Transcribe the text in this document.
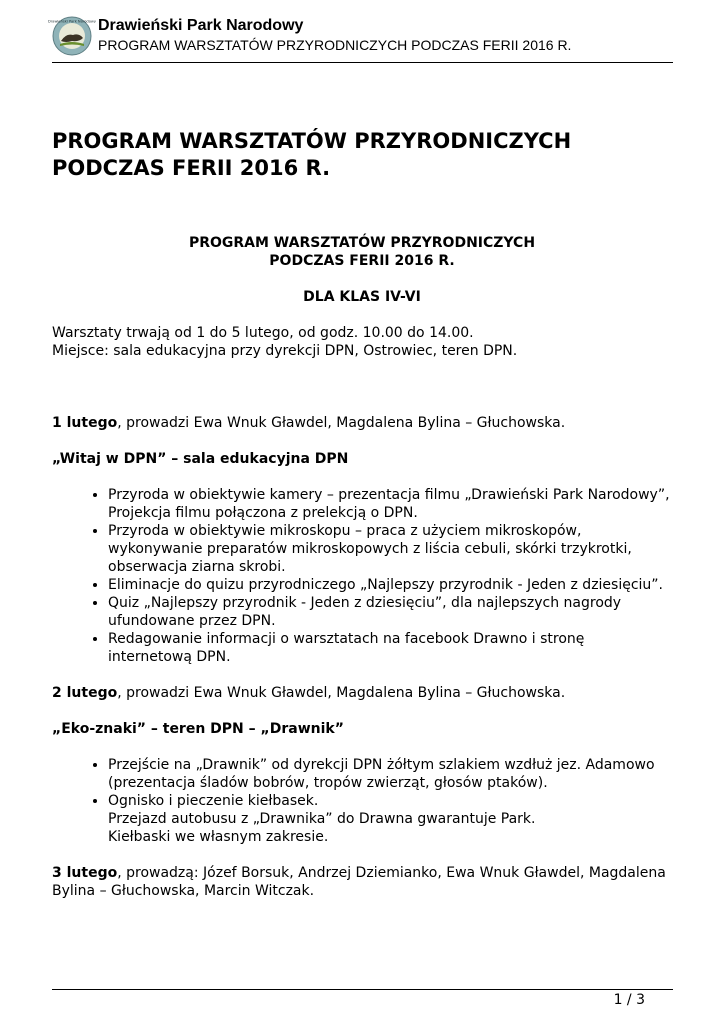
Drawieński Park Narodowy Drawieński Park Narodowy
PROGRAM WARSZTATÓW PRZYRODNICZYCH PODCZAS FERII 2016 R.
PROGRAM WARSZTATÓW PRZYRODNICZYCH
PODCZAS FERII 2016 R.
PROGRAM WARSZTATÓW PRZYRODNICZYCH
PODCZAS FERII 2016 R.
DLA KLAS IV-VI

Warsztaty trwają od 1 do 5 lutego, od godz. 10.00 do 14.00.
Miejsce: sala edukacyjna przy dyrekcji DPN, Ostrowiec, teren DPN.

1 lutego, prowadzi Ewa Wnuk Gławdel, Magdalena Bylina – Głuchowska.

„Witaj w DPN” – sala edukacyjna DPN

• Przyroda w obiektywie kamery – prezentacja filmu „Drawieński Park Narodowy”, Projekcja filmu połączona z prelekcją o DPN.
• Przyroda w obiektywie mikroskopu – praca z użyciem mikroskopów, wykonywanie preparatów mikroskopowych z liścia cebuli, skórki trzykrotki, obserwacja ziarna skrobi.
• Eliminacje do quizu przyrodniczego „Najlepszy przyrodnik - Jeden z dziesięciu”.
• Quiz „Najlepszy przyrodnik - Jeden z dziesięciu”, dla najlepszych nagrody ufundowane przez DPN.
• Redagowanie informacji o warsztatach na facebook Drawno i stronę internetową DPN.

2 lutego, prowadzi Ewa Wnuk Gławdel, Magdalena Bylina – Głuchowska.

„Eko-znaki” – teren DPN – „Drawnik”

• Przejście na „Drawnik” od dyrekcji DPN żółtym szlakiem wzdłuż jez. Adamowo (prezentacja śladów bobrów, tropów zwierząt, głosów ptaków).
• Ognisko i pieczenie kiełbasek.
Przejazd autobusu z „Drawnika” do Drawna gwarantuje Park.
Kiełbaski we własnym zakresie.

3 lutego, prowadzą: Józef Borsuk, Andrzej Dziemianko, Ewa Wnuk Gławdel, Magdalena Bylina – Głuchowska, Marcin Witczak.

1 / 3
